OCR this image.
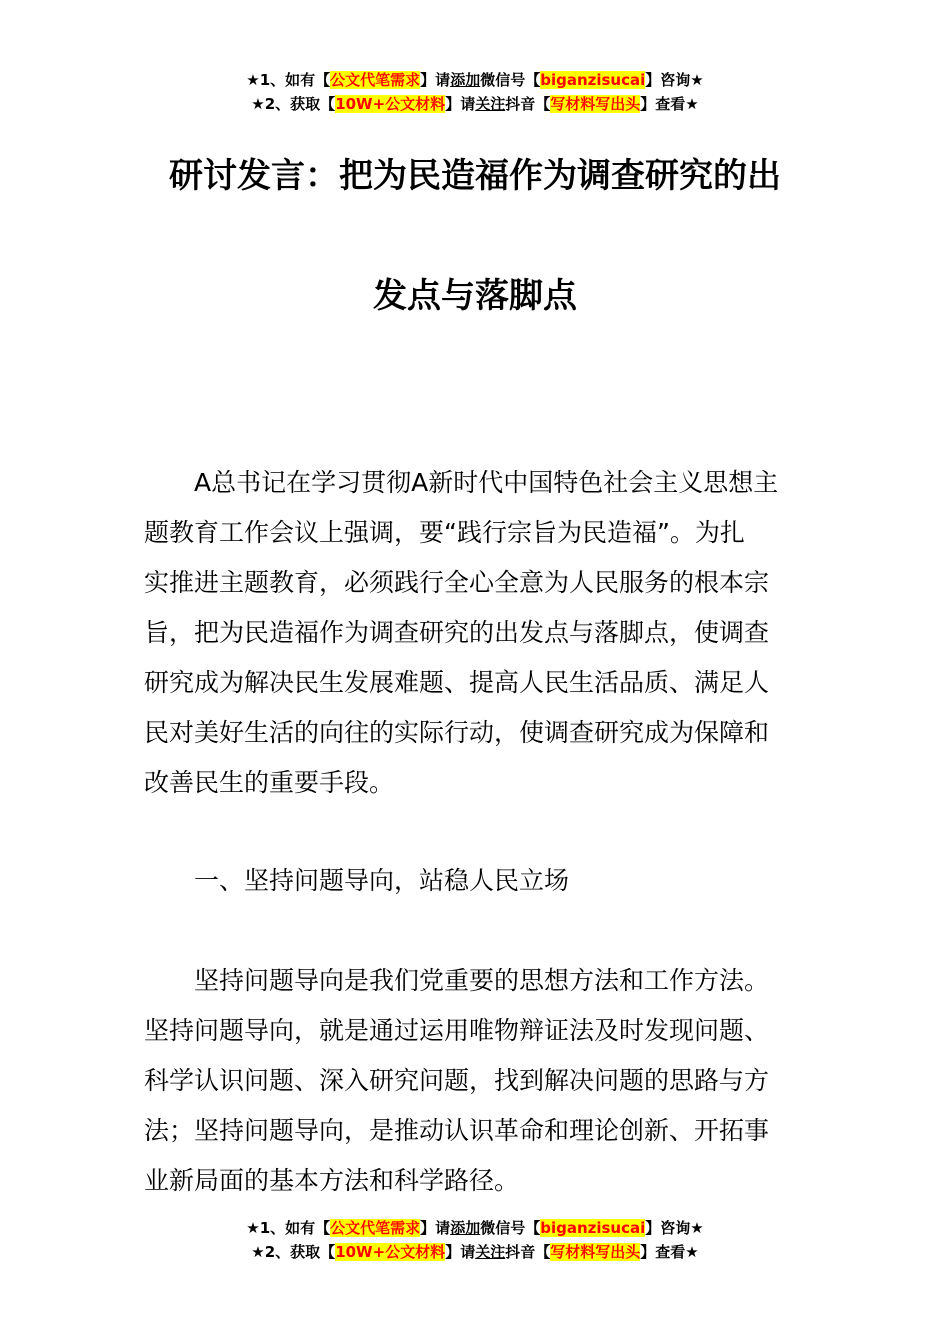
★1、如有【公文代笔需求】请添加微信号【biganzisucai】咨询★
★2、获取【10W+公文材料】请关注抖音【写材料写出头】查看★
研讨发言：把为民造福作为调查研究的出
发点与落脚点
　　A总书记在学习贯彻A新时代中国特色社会主义思想主
题教育工作会议上强调，要“践行宗旨为民造福”。为扎
实推进主题教育，必须践行全心全意为人民服务的根本宗
旨，把为民造福作为调查研究的出发点与落脚点，使调查
研究成为解决民生发展难题、提高人民生活品质、满足人
民对美好生活的向往的实际行动，使调查研究成为保障和
改善民生的重要手段。
　　一、坚持问题导向，站稳人民立场
　　坚持问题导向是我们党重要的思想方法和工作方法。
坚持问题导向，就是通过运用唯物辩证法及时发现问题、
科学认识问题、深入研究问题，找到解决问题的思路与方
法；坚持问题导向，是推动认识革命和理论创新、开拓事
业新局面的基本方法和科学路径。
★1、如有【公文代笔需求】请添加微信号【biganzisucai】咨询★
★2、获取【10W+公文材料】请关注抖音【写材料写出头】查看★
